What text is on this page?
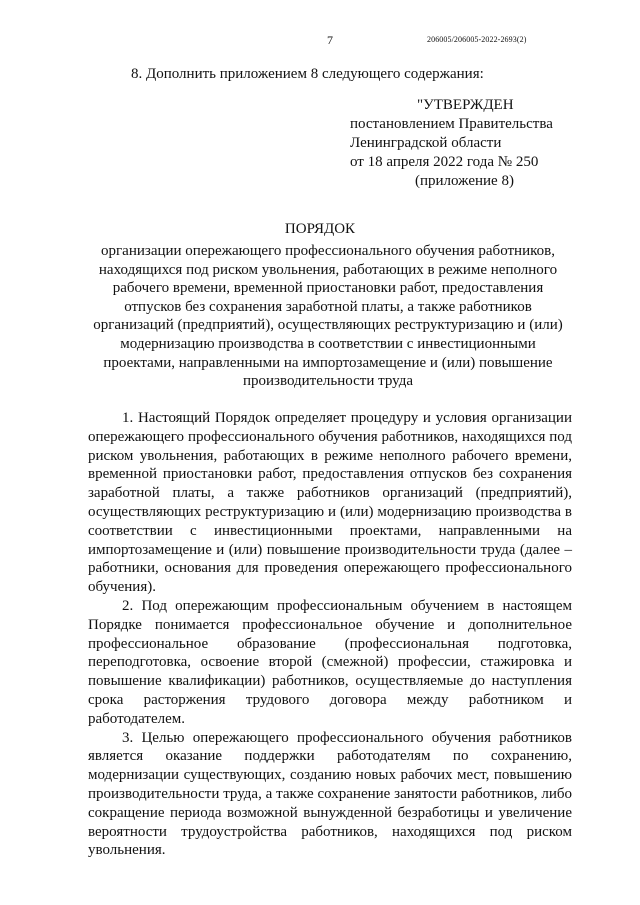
7	206005/206005-2022-2693(2)
8. Дополнить приложением 8 следующего содержания:
"УТВЕРЖДЕН
постановлением Правительства
Ленинградской области
от 18 апреля 2022 года № 250
(приложение 8)
ПОРЯДОК
организации опережающего профессионального обучения работников, находящихся под риском увольнения, работающих в режиме неполного рабочего времени, временной приостановки работ, предоставления отпусков без сохранения заработной платы, а также работников организаций (предприятий), осуществляющих реструктуризацию и (или) модернизацию производства в соответствии с инвестиционными проектами, направленными на импортозамещение и (или) повышение производительности труда

1. Настоящий Порядок определяет процедуру и условия организации опережающего профессионального обучения работников, находящихся под риском увольнения, работающих в режиме неполного рабочего времени, временной приостановки работ, предоставления отпусков без сохранения заработной платы, а также работников организаций (предприятий), осуществляющих реструктуризацию и (или) модернизацию производства в соответствии с инвестиционными проектами, направленными на импортозамещение и (или) повышение производительности труда (далее – работники, основания для проведения опережающего профессионального обучения).

2. Под опережающим профессиональным обучением в настоящем Порядке понимается профессиональное обучение и дополнительное профессиональное образование (профессиональная подготовка, переподготовка, освоение второй (смежной) профессии, стажировка и повышение квалификации) работников, осуществляемые до наступления срока расторжения трудового договора между работником и работодателем.

3. Целью опережающего профессионального обучения работников является оказание поддержки работодателям по сохранению, модернизации существующих, созданию новых рабочих мест, повышению производительности труда, а также сохранение занятости работников, либо сокращение периода возможной вынужденной безработицы и увеличение вероятности трудоустройства работников, находящихся под риском увольнения.
